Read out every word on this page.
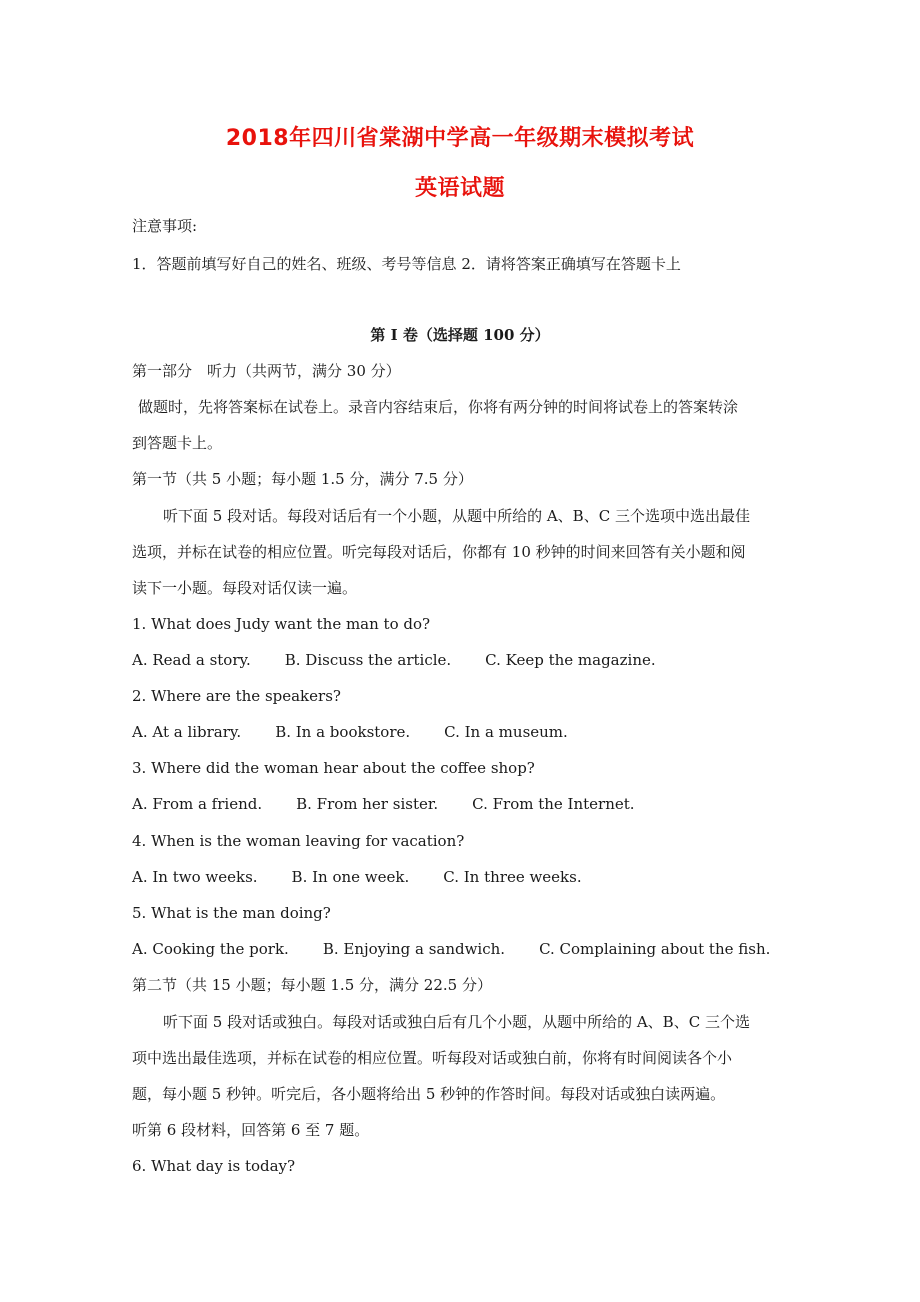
2018年四川省棠湖中学高一年级期末模拟考试
英语试题
注意事项:
1．答题前填写好自己的姓名、班级、考号等信息 2．请将答案正确填写在答题卡上
第 I 卷（选择题 100 分）
第一部分　听力（共两节，满分 30 分）
做题时，先将答案标在试卷上。录音内容结束后，你将有两分钟的时间将试卷上的答案转涂
到答题卡上。
第一节（共 5 小题；每小题 1.5 分，满分 7.5 分）
听下面 5 段对话。每段对话后有一个小题，从题中所给的 A、B、C 三个选项中选出最佳
选项，并标在试卷的相应位置。听完每段对话后，你都有 10 秒钟的时间来回答有关小题和阅
读下一小题。每段对话仅读一遍。
1. What does Judy want the man to do?
A. Read a story. B. Discuss the article. C. Keep the magazine.
2. Where are the speakers?
A. At a library. B. In a bookstore. C. In a museum.
3. Where did the woman hear about the coffee shop?
A. From a friend. B. From her sister. C. From the Internet.
4. When is the woman leaving for vacation?
A. In two weeks. B. In one week. C. In three weeks.
5. What is the man doing?
A. Cooking the pork. B. Enjoying a sandwich. C. Complaining about the fish.
第二节（共 15 小题；每小题 1.5 分，满分 22.5 分）
听下面 5 段对话或独白。每段对话或独白后有几个小题，从题中所给的 A、B、C 三个选
项中选出最佳选项，并标在试卷的相应位置。听每段对话或独白前，你将有时间阅读各个小
题，每小题 5 秒钟。听完后，各小题将给出 5 秒钟的作答时间。每段对话或独白读两遍。
听第 6 段材料，回答第 6 至 7 题。
6. What day is today?
